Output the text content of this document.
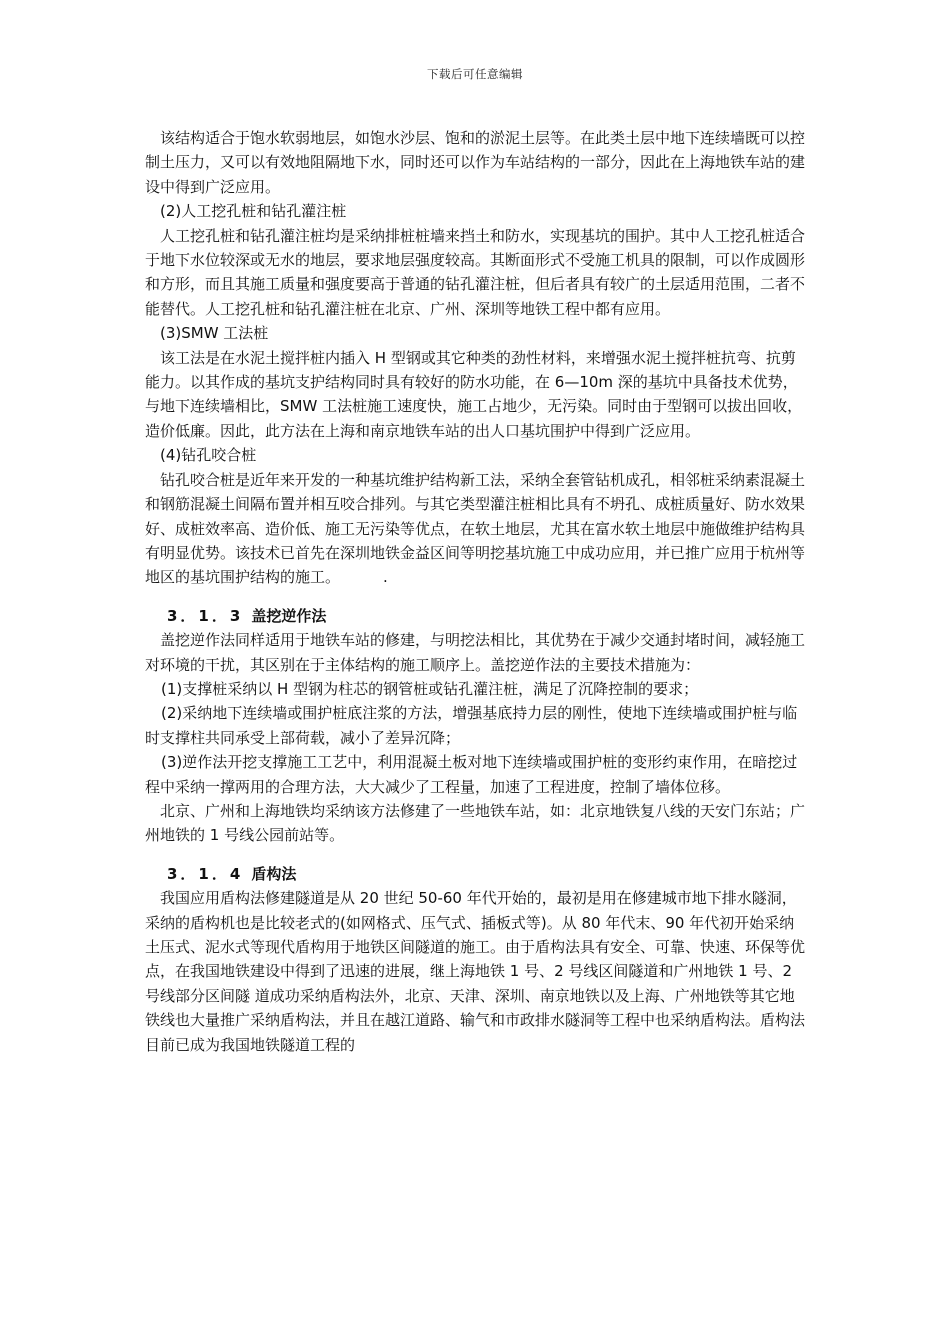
下载后可任意编辑

该结构适合于饱水软弱地层，如饱水沙层、饱和的淤泥土层等。在此类土层中地下连续墙既可以控制土压力，又可以有效地阻隔地下水，同时还可以作为车站结构的一部分，因此在上海地铁车站的建设中得到广泛应用。

(2)人工挖孔桩和钻孔灌注桩

人工挖孔桩和钻孔灌注桩均是采纳排桩桩墙来挡土和防水，实现基坑的围护。其中人工挖孔桩适合于地下水位较深或无水的地层，要求地层强度较高。其断面形式不受施工机具的限制，可以作成圆形和方形，而且其施工质量和强度要高于普通的钻孔灌注桩，但后者具有较广的土层适用范围，二者不能替代。人工挖孔桩和钻孔灌注桩在北京、广州、深圳等地铁工程中都有应用。

(3)SMW 工法桩

该工法是在水泥土搅拌桩内插入 H 型钢或其它种类的劲性材料，来增强水泥土搅拌桩抗弯、抗剪能力。以其作成的基坑支护结构同时具有较好的防水功能，在 6—10m 深的基坑中具备技术优势，与地下连续墙相比，SMW 工法桩施工速度快，施工占地少，无污染。同时由于型钢可以拔出回收，造价低廉。因此，此方法在上海和南京地铁车站的出人口基坑围护中得到广泛应用。

(4)钻孔咬合桩

钻孔咬合桩是近年来开发的一种基坑维护结构新工法，采纳全套管钻机成孔，相邻桩采纳素混凝土和钢筋混凝土间隔布置并相互咬合排列。与其它类型灌注桩相比具有不坍孔、成桩质量好、防水效果好、成桩效率高、造价低、施工无污染等优点，在软土地层，尤其在富水软土地层中施做维护结构具有明显优势。该技术已首先在深圳地铁金益区间等明挖基坑施工中成功应用，并已推广应用于杭州等地区的基坑围护结构的施工。	.

3．1．3 盖挖逆作法

盖挖逆作法同样适用于地铁车站的修建，与明挖法相比，其优势在于减少交通封堵时间，减轻施工对环境的干扰，其区别在于主体结构的施工顺序上。盖挖逆作法的主要技术措施为：

(1)支撑桩采纳以 H 型钢为柱芯的钢管桩或钻孔灌注桩，满足了沉降控制的要求；

(2)采纳地下连续墙或围护桩底注浆的方法，增强基底持力层的刚性，使地下连续墙或围护桩与临时支撑柱共同承受上部荷载，减小了差异沉降；

(3)逆作法开挖支撑施工工艺中，利用混凝土板对地下连续墙或围护桩的变形约束作用，在暗挖过程中采纳一撑两用的合理方法，大大减少了工程量，加速了工程进度，控制了墙体位移。

北京、广州和上海地铁均采纳该方法修建了一些地铁车站，如：北京地铁复八线的天安门东站；广州地铁的 1 号线公园前站等。

3．1．4 盾构法

我国应用盾构法修建隧道是从 20 世纪 50-60 年代开始的，最初是用在修建城市地下排水隧洞，采纳的盾构机也是比较老式的(如网格式、压气式、插板式等)。从 80 年代末、90 年代初开始采纳土压式、泥水式等现代盾构用于地铁区间隧道的施工。由于盾构法具有安全、可靠、快速、环保等优点，在我国地铁建设中得到了迅速的进展，继上海地铁 1 号、2 号线区间隧道和广州地铁 1 号、2 号线部分区间隧 道成功采纳盾构法外，北京、天津、深圳、南京地铁以及上海、广州地铁等其它地铁线也大量推广采纳盾构法，并且在越江道路、输气和市政排水隧洞等工程中也采纳盾构法。盾构法目前已成为我国地铁隧道工程的
